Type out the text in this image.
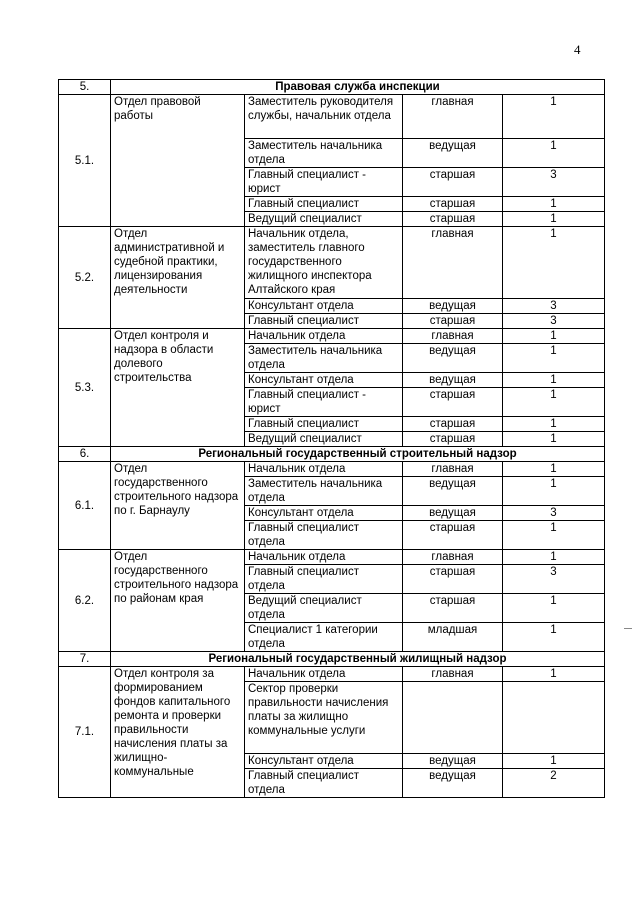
4
5.	Правовая служба инспекции			
5.1.	Отдел правовой работы	Заместитель руководителя службы, начальник отдела	главная	1
		Заместитель начальника отдела	ведущая	1
		Главный специалист - юрист	старшая	3
		Главный специалист	старшая	1
		Ведущий специалист	старшая	1
5.2.	Отдел административной и судебной практики, лицензирования деятельности	Начальник отдела, заместитель главного государственного жилищного инспектора Алтайского края	главная	1
		Консультант отдела	ведущая	3
		Главный специалист	старшая	3
5.3.	Отдел контроля и надзора в области долевого строительства	Начальник отдела	главная	1
		Заместитель начальника отдела	ведущая	1
		Консультант отдела	ведущая	1
		Главный специалист - юрист	старшая	1
		Главный специалист	старшая	1
		Ведущий специалист	старшая	1
6.	Региональный государственный строительный надзор			
6.1.	Отдел государственного строительного надзора по г. Барнаулу	Начальник отдела	главная	1
		Заместитель начальника отдела	ведущая	1
		Консультант отдела	ведущая	3
		Главный специалист отдела	старшая	1
6.2.	Отдел государственного строительного надзора по районам края	Начальник отдела	главная	1
		Главный специалист отдела	старшая	3
		Ведущий специалист отдела	старшая	1
		Специалист 1 категории отдела	младшая	1
7.	Региональный государственный жилищный надзор			
7.1.	Отдел контроля за формированием фондов капитального ремонта и проверки правильности начисления платы за жилищно-коммунальные	Начальник отдела	главная	1
		Сектор проверки правильности начисления платы за жилищно коммунальные услуги		
		Консультант отдела	ведущая	1
		Главный специалист отдела	ведущая	2
